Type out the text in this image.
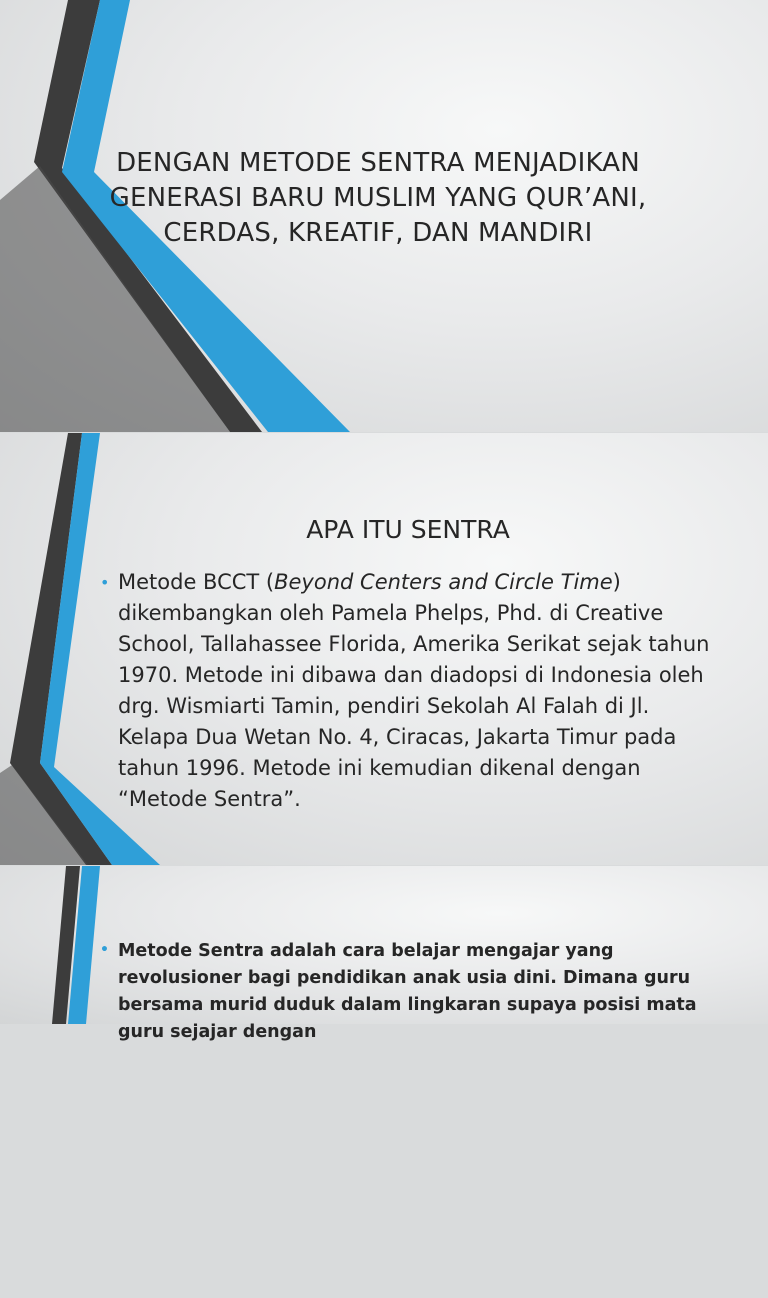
DENGAN METODE SENTRA MENJADIKAN GENERASI BARU MUSLIM YANG QUR’ANI, CERDAS, KREATIF, DAN MANDIRI
APA ITU SENTRA
• Metode BCCT (Beyond Centers and Circle Time) dikembangkan oleh Pamela Phelps, Phd. di Creative School, Tallahassee Florida, Amerika Serikat sejak tahun 1970. Metode ini dibawa dan diadopsi di Indonesia oleh drg. Wismiarti Tamin, pendiri Sekolah Al Falah di Jl. Kelapa Dua Wetan No. 4, Ciracas, Jakarta Timur pada tahun 1996. Metode ini kemudian dikenal dengan “Metode Sentra”.
• Metode Sentra adalah cara belajar mengajar yang revolusioner bagi pendidikan anak usia dini. Dimana guru bersama murid duduk dalam lingkaran supaya posisi mata guru sejajar dengan
